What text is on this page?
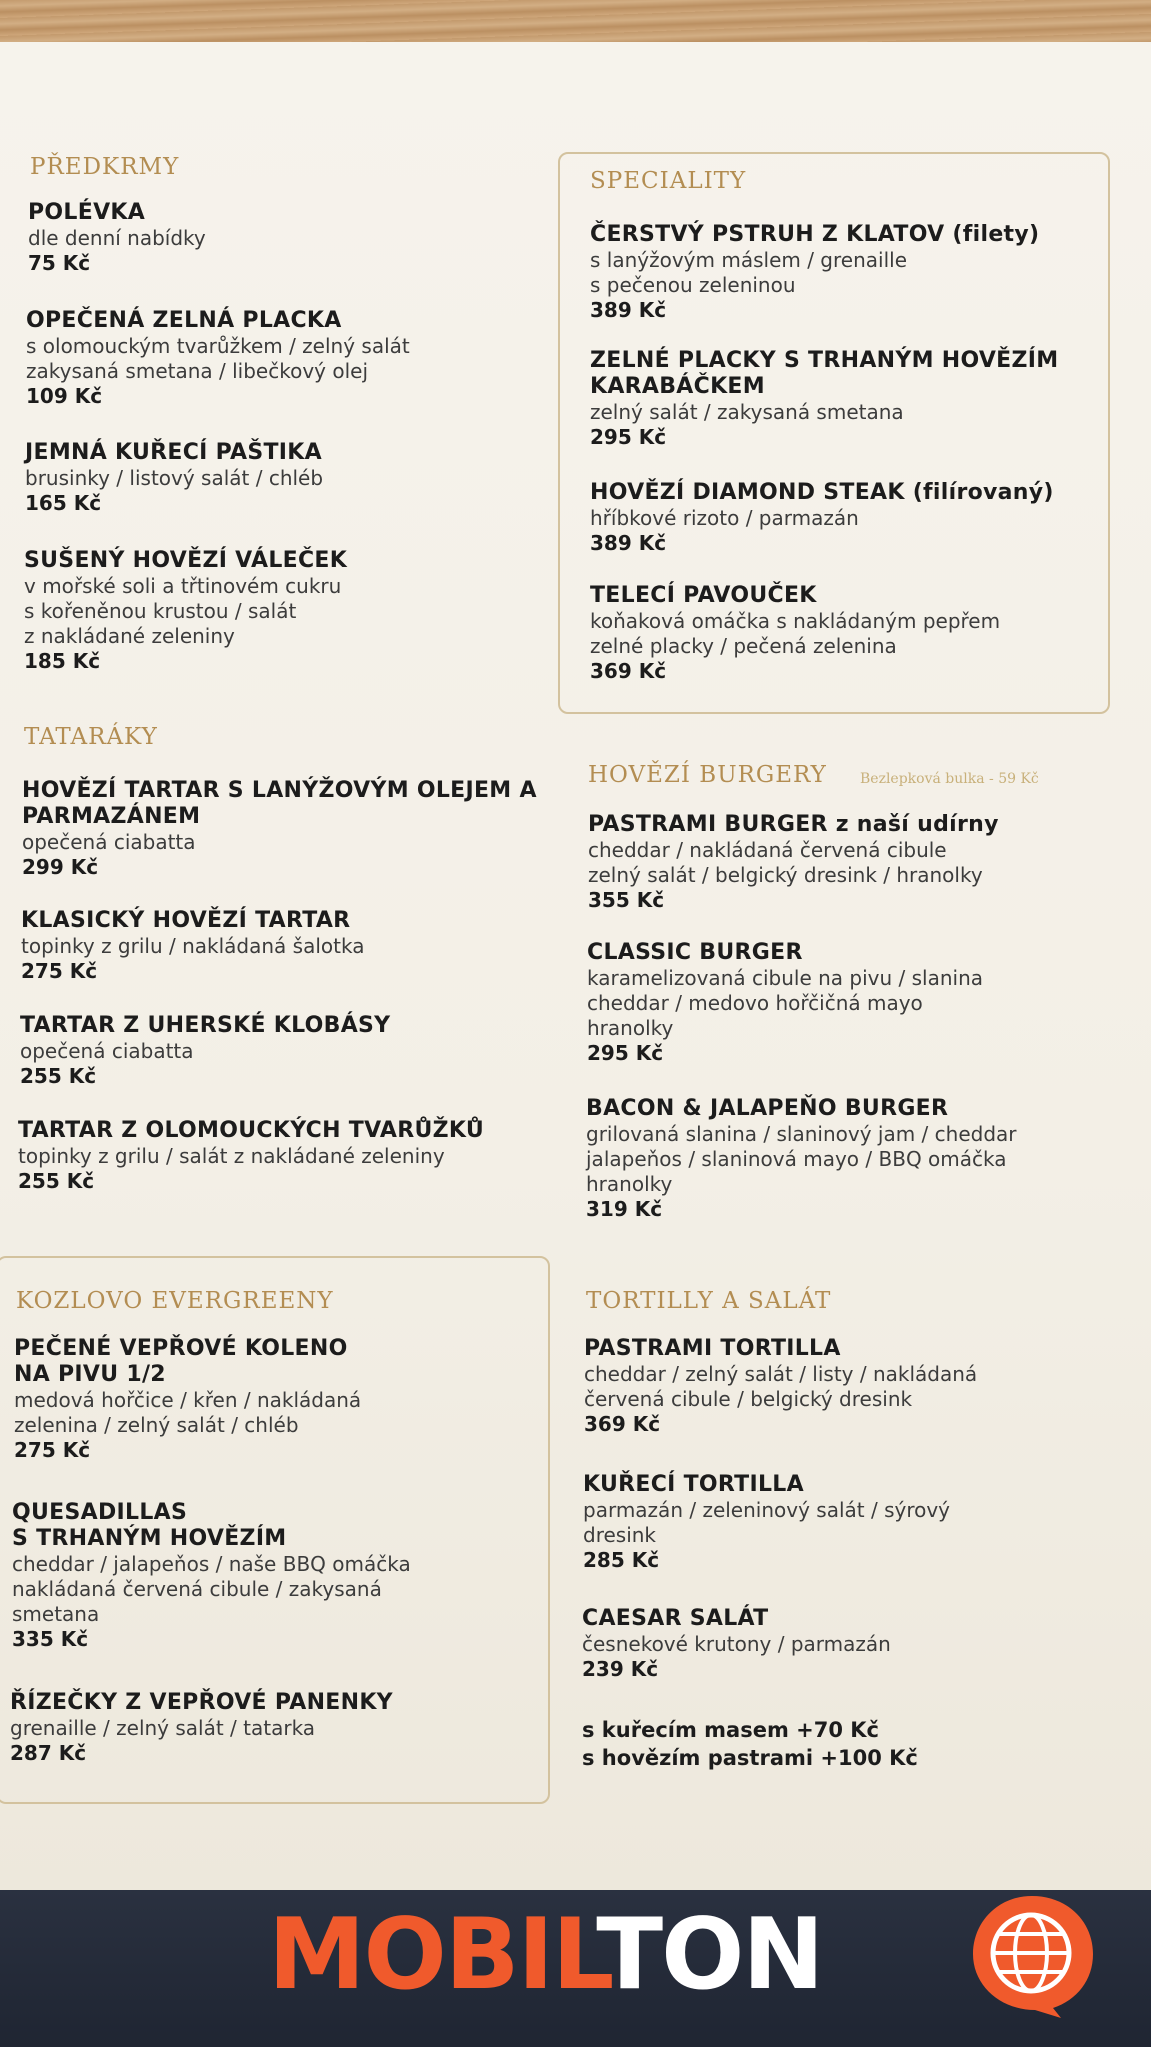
PŘEDKRMY
POLÉVKA
dle denní nabídky
75 Kč
OPEČENÁ ZELNÁ PLACKA
s olomouckým tvarůžkem / zelný salát
zakysaná smetana / libečkový olej
109 Kč
JEMNÁ KUŘECÍ PAŠTIKA
brusinky / listový salát / chléb
165 Kč
SUŠENÝ HOVĚZÍ VÁLEČEK
v mořské soli a třtinovém cukru
s kořeněnou krustou / salát
z nakládané zeleniny
185 Kč
SPECIALITY
ČERSTVÝ PSTRUH Z KLATOV (filety)
s lanýžovým máslem / grenaille
s pečenou zeleninou
389 Kč
ZELNÉ PLACKY S TRHANÝM HOVĚZÍM KARABÁČKEM
zelný salát / zakysaná smetana
295 Kč
HOVĚZÍ DIAMOND STEAK (filírovaný)
hříbkové rizoto / parmazán
389 Kč
TELECÍ PAVOUČEK
koňaková omáčka s nakládaným pepřem
zelné placky / pečená zelenina
369 Kč
TATARÁKY
HOVĚZÍ TARTAR S LANÝŽOVÝM OLEJEM A PARMAZÁNEM
opečená ciabatta
299 Kč
KLASICKÝ HOVĚZÍ TARTAR
topinky z grilu / nakládaná šalotka
275 Kč
TARTAR Z UHERSKÉ KLOBÁSY
opečená ciabatta
255 Kč
TARTAR Z OLOMOUCKÝCH TVARŮŽKŮ
topinky z grilu / salát z nakládané zeleniny
255 Kč
HOVĚZÍ BURGERY Bezlepková bulka - 59 Kč
PASTRAMI BURGER z naší udírny
cheddar / nakládaná červená cibule
zelný salát / belgický dresink / hranolky
355 Kč
CLASSIC BURGER
karamelizovaná cibule na pivu / slanina
cheddar / medovo hořčičná mayo
hranolky
295 Kč
BACON & JALAPEŇO BURGER
grilovaná slanina / slaninový jam / cheddar
jalapeňos / slaninová mayo / BBQ omáčka
hranolky
319 Kč
KOZLOVO EVERGREENY
PEČENÉ VEPŘOVÉ KOLENO
NA PIVU 1/2
medová hořčice / křen / nakládaná
zelenina / zelný salát / chléb
275 Kč
QUESADILLAS
S TRHANÝM HOVĚZÍM
cheddar / jalapeňos / naše BBQ omáčka
nakládaná červená cibule / zakysaná
smetana
335 Kč
ŘÍZEČKY Z VEPŘOVÉ PANENKY
grenaille / zelný salát / tatarka
287 Kč
TORTILLY A SALÁT
PASTRAMI TORTILLA
cheddar / zelný salát / listy / nakládaná
červená cibule / belgický dresink
369 Kč
KUŘECÍ TORTILLA
parmazán / zeleninový salát / sýrový
dresink
285 Kč
CAESAR SALÁT
česnekové krutony / parmazán
239 Kč
s kuřecím masem +70 Kč
s hovězím pastrami +100 Kč
MOBILTON
